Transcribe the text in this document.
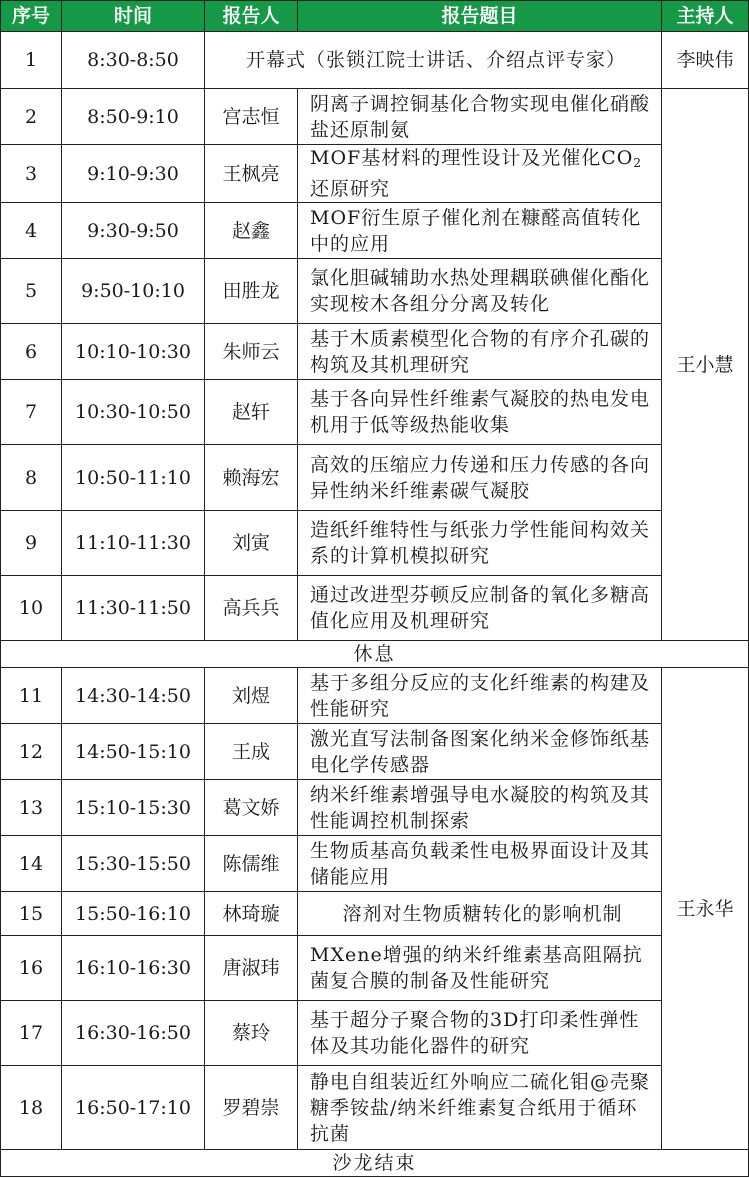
序号	时间	报告人	报告题目	主持人
1	8:30-8:50	开幕式（张锁江院士讲话、介绍点评专家）		李映伟
2	8:50-9:10	宫志恒	阴离子调控铜基化合物实现电催化硝酸盐还原制氨	王小慧
3	9:10-9:30	王枫亮	MOF基材料的理性设计及光催化$CO_2$还原研究	
4	9:30-9:50	赵鑫	MOF衍生原子催化剂在糠醛高值转化中的应用	
5	9:50-10:10	田胜龙	氯化胆碱辅助水热处理耦联碘催化酯化实现桉木各组分分离及转化	
6	10:10-10:30	朱师云	基于木质素模型化合物的有序介孔碳的构筑及其机理研究	
7	10:30-10:50	赵轩	基于各向异性纤维素气凝胶的热电发电机用于低等级热能收集	
8	10:50-11:10	赖海宏	高效的压缩应力传递和压力传感的各向异性纳米纤维素碳气凝胶	
9	11:10-11:30	刘寅	造纸纤维特性与纸张力学性能间构效关系的计算机模拟研究	
10	11:30-11:50	高兵兵	通过改进型芬顿反应制备的氧化多糖高值化应用及机理研究	
休息				
11	14:30-14:50	刘煜	基于多组分反应的支化纤维素的构建及性能研究	王永华
12	14:50-15:10	王成	激光直写法制备图案化纳米金修饰纸基电化学传感器	
13	15:10-15:30	葛文娇	纳米纤维素增强导电水凝胶的构筑及其性能调控机制探索	
14	15:30-15:50	陈儒维	生物质基高负载柔性电极界面设计及其储能应用	
15	15:50-16:10	林琦璇	溶剂对生物质糖转化的影响机制	
16	16:10-16:30	唐淑玮	MXene增强的纳米纤维素基高阻隔抗菌复合膜的制备及性能研究	
17	16:30-16:50	蔡玲	基于超分子聚合物的3D打印柔性弹性体及其功能化器件的研究	
18	16:50-17:10	罗碧崇	静电自组装近红外响应二硫化钼@壳聚糖季铵盐/纳米纤维素复合纸用于循环抗菌	
沙龙结束				
